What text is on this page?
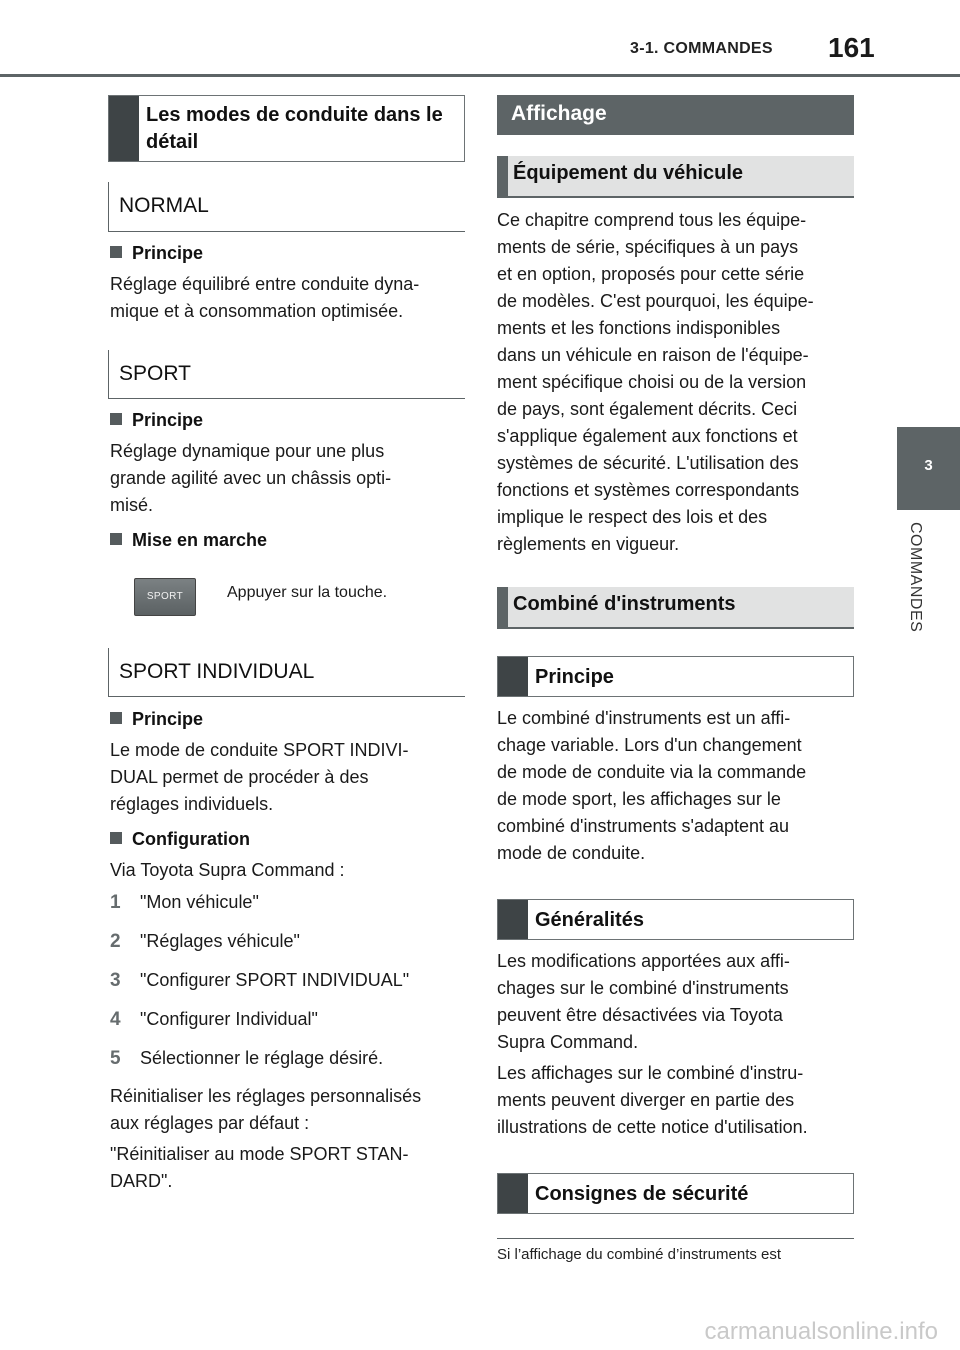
3-1. COMMANDES 161
3
COMMANDES
Les modes de conduite dans le détail
NORMAL
Principe
Réglage équilibré entre conduite dyna-
mique et à consommation optimisée.
SPORT
Principe
Réglage dynamique pour une plus
grande agilité avec un châssis opti-
misé.
Mise en marche
SPORT	Appuyer sur la touche.
SPORT INDIVIDUAL
Principe
Le mode de conduite SPORT INDIVI-
DUAL permet de procéder à des
réglages individuels.
Configuration
Via Toyota Supra Command :
1 "Mon véhicule"
2 "Réglages véhicule"
3 "Configurer SPORT INDIVIDUAL"
4 "Configurer Individual"
5 Sélectionner le réglage désiré.
Réinitialiser les réglages personnalisés
aux réglages par défaut :
"Réinitialiser au mode SPORT STAN-
DARD".
Affichage
Équipement du véhicule
Ce chapitre comprend tous les équipe-
ments de série, spécifiques à un pays
et en option, proposés pour cette série
de modèles. C'est pourquoi, les équipe-
ments et les fonctions indisponibles
dans un véhicule en raison de l'équipe-
ment spécifique choisi ou de la version
de pays, sont également décrits. Ceci
s'applique également aux fonctions et
systèmes de sécurité. L'utilisation des
fonctions et systèmes correspondants
implique le respect des lois et des
règlements en vigueur.
Combiné d'instruments
Principe
Le combiné d'instruments est un affi-
chage variable. Lors d'un changement
de mode de conduite via la commande
de mode sport, les affichages sur le
combiné d'instruments s'adaptent au
mode de conduite.
Généralités
Les modifications apportées aux affi-
chages sur le combiné d'instruments
peuvent être désactivées via Toyota
Supra Command.
Les affichages sur le combiné d'instru-
ments peuvent diverger en partie des
illustrations de cette notice d'utilisation.
Consignes de sécurité
Si l’affichage du combiné d’instruments est
carmanualsonline.info
